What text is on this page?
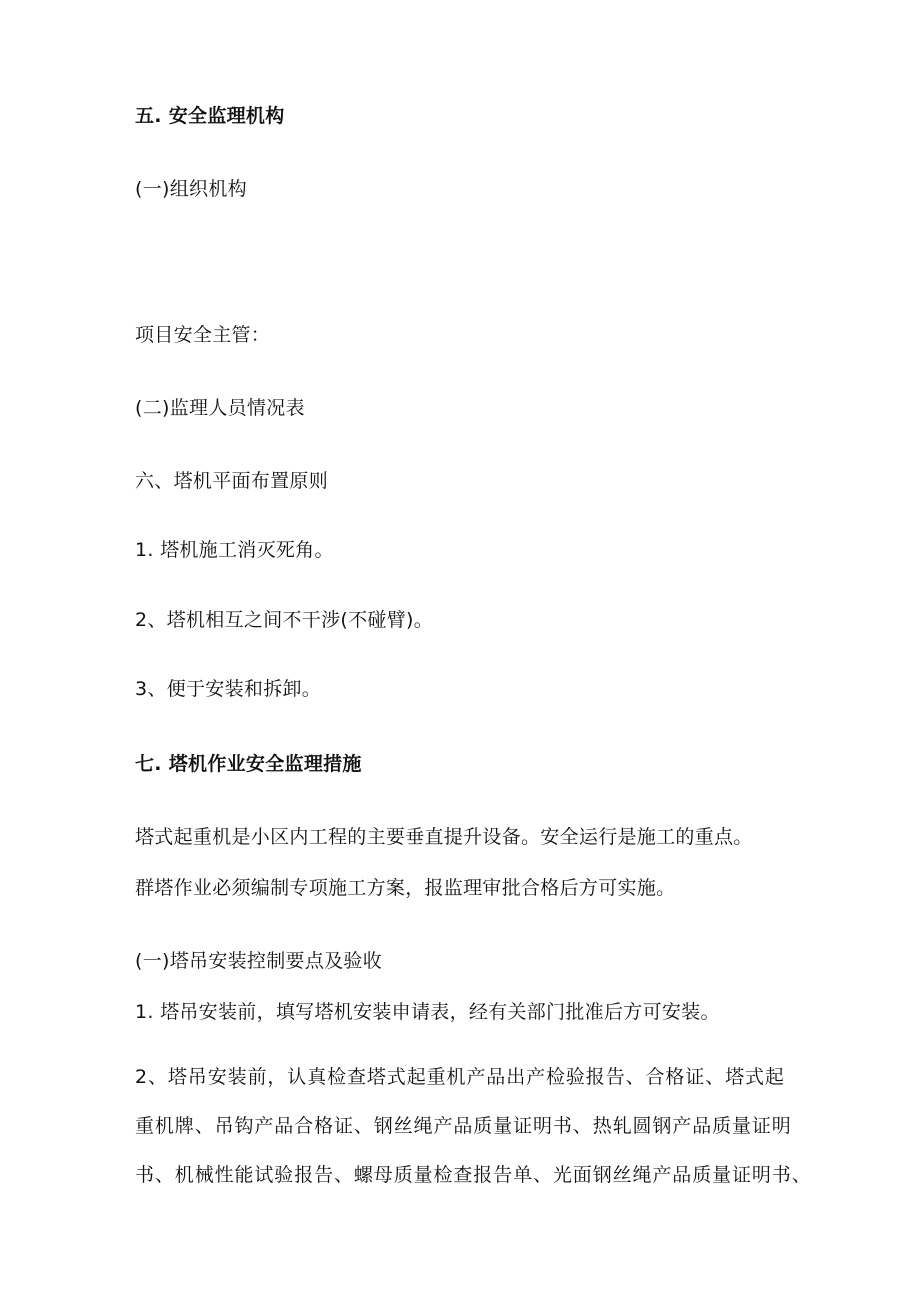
五. 安全监理机构
(一)组织机构
项目安全主管：
(二)监理人员情况表
六、塔机平面布置原则
1. 塔机施工消灭死角。
2、塔机相互之间不干涉(不碰臂)。
3、便于安装和拆卸。
七. 塔机作业安全监理措施
塔式起重机是小区内工程的主要垂直提升设备。安全运行是施工的重点。
群塔作业必须编制专项施工方案，报监理审批合格后方可实施。
(一)塔吊安装控制要点及验收
1. 塔吊安装前，填写塔机安装申请表，经有关部门批准后方可安装。
2、塔吊安装前，认真检查塔式起重机产品出产检验报告、合格证、塔式起
重机牌、吊钩产品合格证、钢丝绳产品质量证明书、热轧圆钢产品质量证明
书、机械性能试验报告、螺母质量检查报告单、光面钢丝绳产品质量证明书、
